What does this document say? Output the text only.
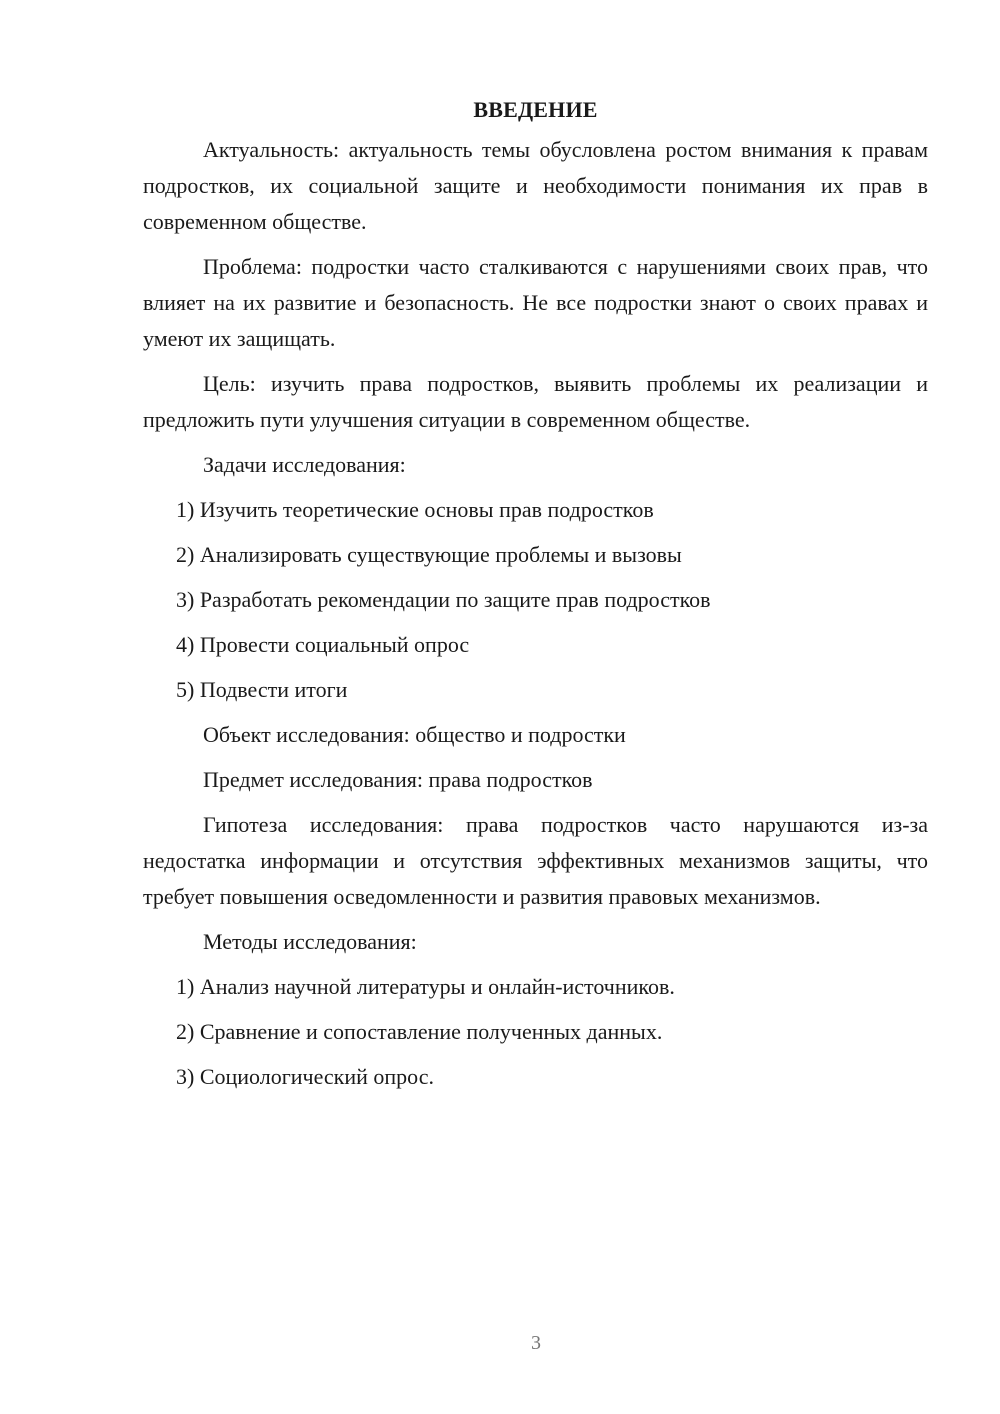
ВВЕДЕНИЕ

Актуальность: актуальность темы обусловлена ростом внимания к правам подростков, их социальной защите и необходимости понимания их прав в современном обществе.

Проблема: подростки часто сталкиваются с нарушениями своих прав, что влияет на их развитие и безопасность. Не все подростки знают о своих правах и умеют их защищать.

Цель: изучить права подростков, выявить проблемы их реализации и предложить пути улучшения ситуации в современном обществе.

Задачи исследования:
1) Изучить теоретические основы прав подростков
2) Анализировать существующие проблемы и вызовы
3) Разработать рекомендации по защите прав подростков
4) Провести социальный опрос
5) Подвести итоги
Объект исследования: общество и подростки
Предмет исследования: права подростков

Гипотеза исследования: права подростков часто нарушаются из-за недостатка информации и отсутствия эффективных механизмов защиты, что требует повышения осведомленности и развития правовых механизмов.

Методы исследования:
1) Анализ научной литературы и онлайн-источников.
2) Сравнение и сопоставление полученных данных.
3) Социологический опрос.
3
